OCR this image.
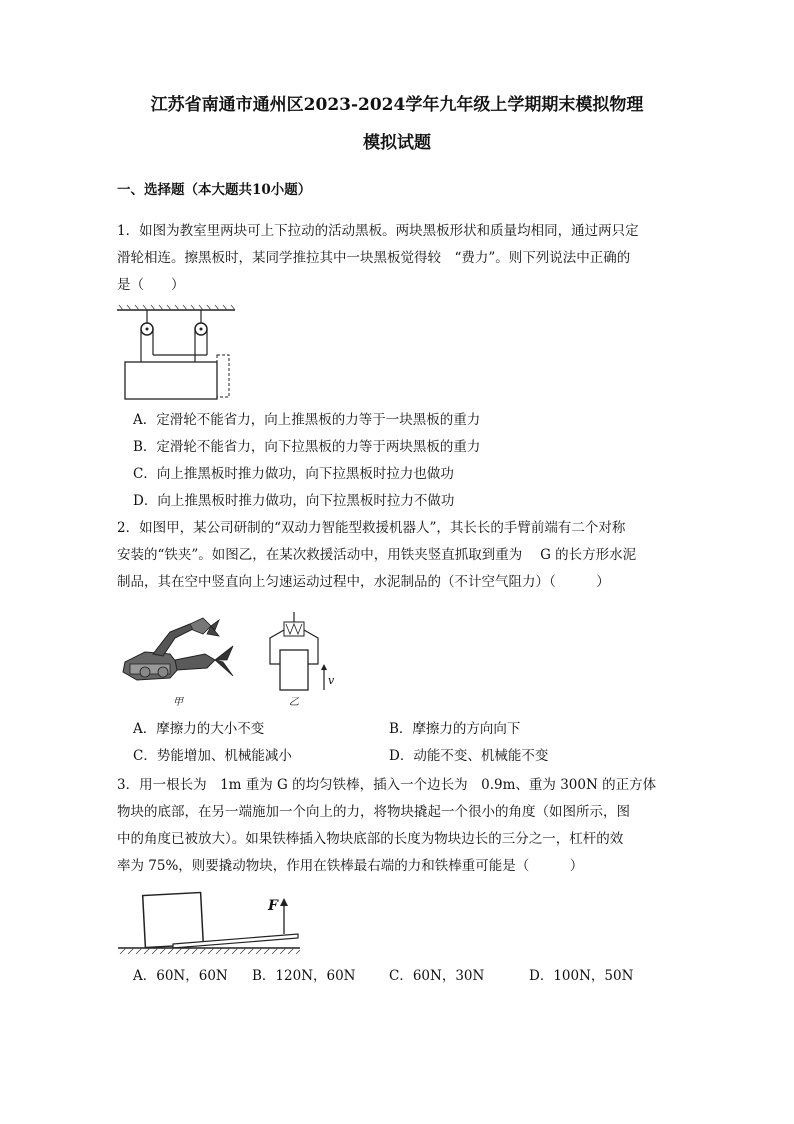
江苏省南通市通州区2023-2024学年九年级上学期期末模拟物理
模拟试题
一、选择题（本大题共10小题）
1．如图为教室里两块可上下拉动的活动黑板。两块黑板形状和质量均相同，通过两只定
滑轮相连。擦黑板时，某同学推拉其中一块黑板觉得较　“费力”。则下列说法中正确的
是（　　）
A．定滑轮不能省力，向上推黑板的力等于一块黑板的重力
B．定滑轮不能省力，向下拉黑板的力等于两块黑板的重力
C．向上推黑板时推力做功，向下拉黑板时拉力也做功
D．向上推黑板时推力做功，向下拉黑板时拉力不做功
2．如图甲，某公司研制的“双动力智能型救援机器人”，其长长的手臂前端有二个对称
安装的“铁夹”。如图乙，在某次救援活动中，用铁夹竖直抓取到重为　 G 的长方形水泥
制品，其在空中竖直向上匀速运动过程中，水泥制品的（不计空气阻力）（　　　）
甲
v
乙
A．摩擦力的大小不变	B．摩擦力的方向向下
C．势能增加、机械能减小	D．动能不变、机械能不变
3．用一根长为　1m 重为 G 的均匀铁棒，插入一个边长为　0.9m、重为 300N 的正方体
物块的底部，在另一端施加一个向上的力，将物块撬起一个很小的角度（如图所示，图
中的角度已被放大）。如果铁棒插入物块底部的长度为物块边长的三分之一，杠杆的效
率为 75%，则要撬动物块，作用在铁棒最右端的力和铁棒重可能是（　　　）
F
A．60N，60N B．120N，60N C．60N，30N	D．100N，50N
